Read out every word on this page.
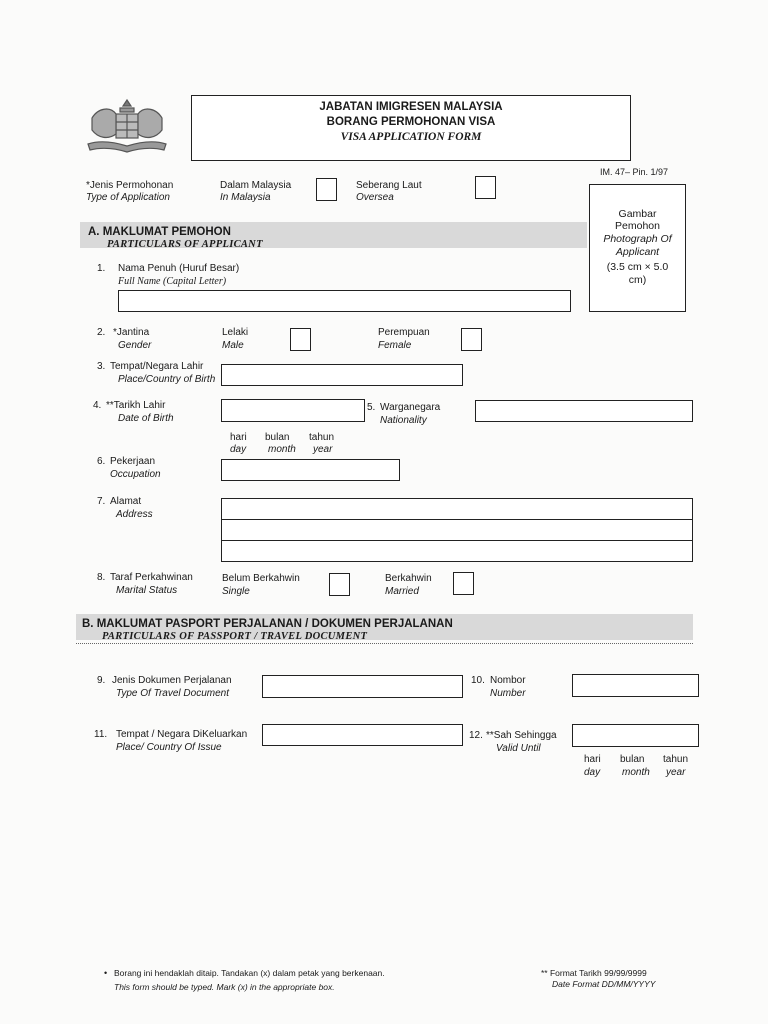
JABATAN IMIGRESEN MALAYSIA
BORANG PERMOHONAN VISA
VISA APPLICATION FORM
IM. 47– Pin. 1/97
*Jenis Permohonan
Type of Application
Dalam Malaysia
In Malaysia
Seberang Laut
Oversea
Gambar
Pemohon
Photograph Of
Applicant
(3.5 cm × 5.0
cm)
A. MAKLUMAT PEMOHON
PARTICULARS OF APPLICANT
1. Nama Penuh (Huruf Besar)
Full Name (Capital Letter)
2. *Jantina
Gender
Lelaki
Male
Perempuan
Female
3. Tempat/Negara Lahir
Place/Country of Birth
4. **Tarikh Lahir
Date of Birth
hari
day
bulan
month
tahun
year
5. Warganegara
Nationality
6. Pekerjaan
Occupation
7. Alamat
Address
8. Taraf Perkahwinan
Marital Status
Belum Berkahwin
Single
Berkahwin
Married
B. MAKLUMAT PASPORT PERJALANAN / DOKUMEN PERJALANAN
PARTICULARS OF PASSPORT / TRAVEL DOCUMENT
9. Jenis Dokumen Perjalanan
Type Of Travel Document
10. Nombor
Number
11. Tempat / Negara DiKeluarkan
Place/ Country Of Issue
12. **Sah Sehingga
Valid Until
hari
day
bulan
month
tahun
year
• Borang ini hendaklah ditaip. Tandakan (x) dalam petak yang berkenaan.
This form should be typed. Mark (x) in the appropriate box.
** Format Tarikh 99/99/9999
Date Format DD/MM/YYYY
